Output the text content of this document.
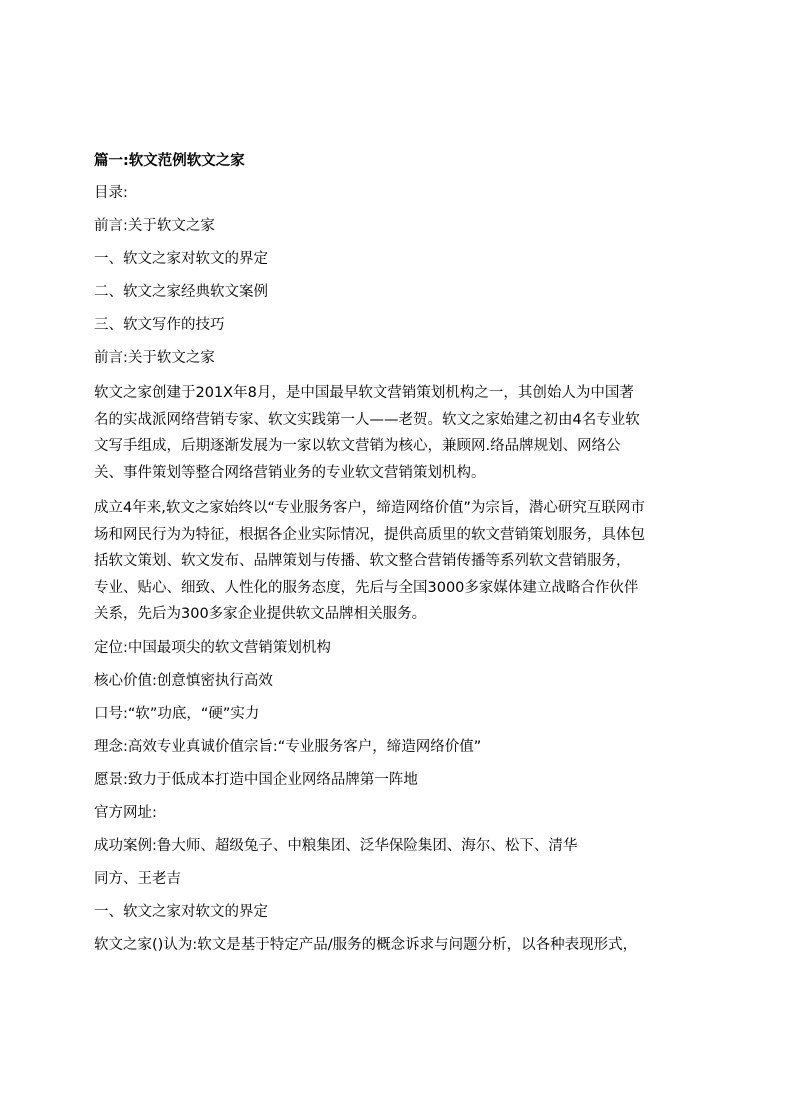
篇一:软文范例软文之家
目录:
前言:关于软文之家
一、软文之家对软文的界定
二、软文之家经典软文案例
三、软文写作的技巧
前言:关于软文之家
软文之家创建于201X年8月，是中国最早软文营销策划机构之一，其创始人为中国著
名的实战派网络营销专家、软文实践第一人——老贺。软文之家始建之初由4名专业软
文写手组成，后期逐渐发展为一家以软文营销为核心，兼顾网.络品牌规划、网络公
关、事件策划等整合网络营销业务的专业软文营销策划机构。
成立4年来,软文之家始终以“专业服务客户，缔造网络价值”为宗旨，潜心研究互联网市
场和网民行为为特征，根据各企业实际情况，提供高质里的软文营销策划服务，具体包
括软文策划、软文发布、品牌策划与传播、软文整合营销传播等系列软文营销服务，
专业、贴心、细致、人性化的服务态度，先后与全国3000多家媒体建立战略合作伙伴
关系，先后为300多家企业提供软文品牌相关服务。
定位:中国最项尖的软文营销策划机构
核心价值:创意慎密执行高效
口号:“软”功底，“硬”实力
理念:高效专业真诚价值宗旨:“专业服务客户，缔造网络价值”
愿景:致力于低成本打造中国企业网络品牌第一阵地
官方网址:
成功案例:鲁大师、超级兔子、中粮集团、泛华保险集团、海尔、松下、清华
同方、王老吉
一、软文之家对软文的界定
软文之家()认为:软文是基于特定产品/服务的概念诉求与问题分析，以各种表现形式，
